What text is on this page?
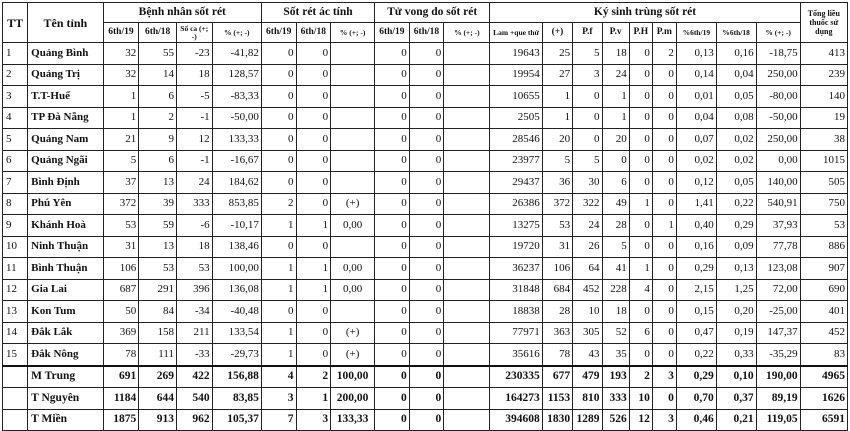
TT	Tên tỉnh	Bệnh nhân sốt rét				Sốt rét ác tính			Tử vong do sốt rét			Ký sinh trùng sốt rét									Tổng liều thuốc sử dụng
		6th/19	6th/18	Số ca (+; -)	% (+; -)	6th/19	6th/18	% (+; -)	6th/19	6th/18	% (+; -)	Lam +que thử	(+)	P.f	P.v	P.H	P.m	%6th/19	%6th/18	% (+; -)	
1	Quảng Bình	32	55	-23	-41,82	0	0		0	0		19643	25	5	18	0	2	0,13	0,16	-18,75	413
2	Quảng Trị	32	14	18	128,57	0	0		0	0		19954	27	3	24	0	0	0,14	0,04	250,00	239
3	T.T-Huế	1	6	-5	-83,33	0	0		0	0		10655	1	0	1	0	0	0,01	0,05	-80,00	140
4	TP Đà Nẵng	1	2	-1	-50,00	0	0		0	0		2505	1	0	1	0	0	0,04	0,08	-50,00	19
5	Quảng Nam	21	9	12	133,33	0	0		0	0		28546	20	0	20	0	0	0,07	0,02	250,00	38
6	Quảng Ngãi	5	6	-1	-16,67	0	0		0	0		23977	5	5	0	0	0	0,02	0,02	0,00	1015
7	Bình Định	37	13	24	184,62	0	0		0	0		29437	36	30	6	0	0	0,12	0,05	140,00	505
8	Phú Yên	372	39	333	853,85	2	0	(+)	0	0		26386	372	322	49	1	0	1,41	0,22	540,91	750
9	Khánh Hoà	53	59	-6	-10,17	1	1	0,00	0	0		13275	53	24	28	0	1	0,40	0,29	37,93	53
10	Ninh Thuận	31	13	18	138,46	0	0		0	0		19720	31	26	5	0	0	0,16	0,09	77,78	886
11	Bình Thuận	106	53	53	100,00	1	1	0,00	0	0		36237	106	64	41	1	0	0,29	0,13	123,08	907
12	Gia Lai	687	291	396	136,08	1	1	0,00	0	0		31848	684	452	228	4	0	2,15	1,25	72,00	690
13	Kon Tum	50	84	-34	-40,48	0	0		0	0		18838	28	10	18	0	0	0,15	0,20	-25,00	401
14	Đắk Lắk	369	158	211	133,54	1	0	(+)	0	0		77971	363	305	52	6	0	0,47	0,19	147,37	452
15	Đắk Nông	78	111	-33	-29,73	1	0	(+)	0	0		35616	78	43	35	0	0	0,22	0,33	-35,29	83
	M Trung	691	269	422	156,88	4	2	100,00	0	0		230335	677	479	193	2	3	0,29	0,10	190,00	4965
	T Nguyên	1184	644	540	83,85	3	1	200,00	0	0		164273	1153	810	333	10	0	0,70	0,37	89,19	1626
	T Miền	1875	913	962	105,37	7	3	133,33	0	0		394608	1830	1289	526	12	3	0,46	0,21	119,05	6591
